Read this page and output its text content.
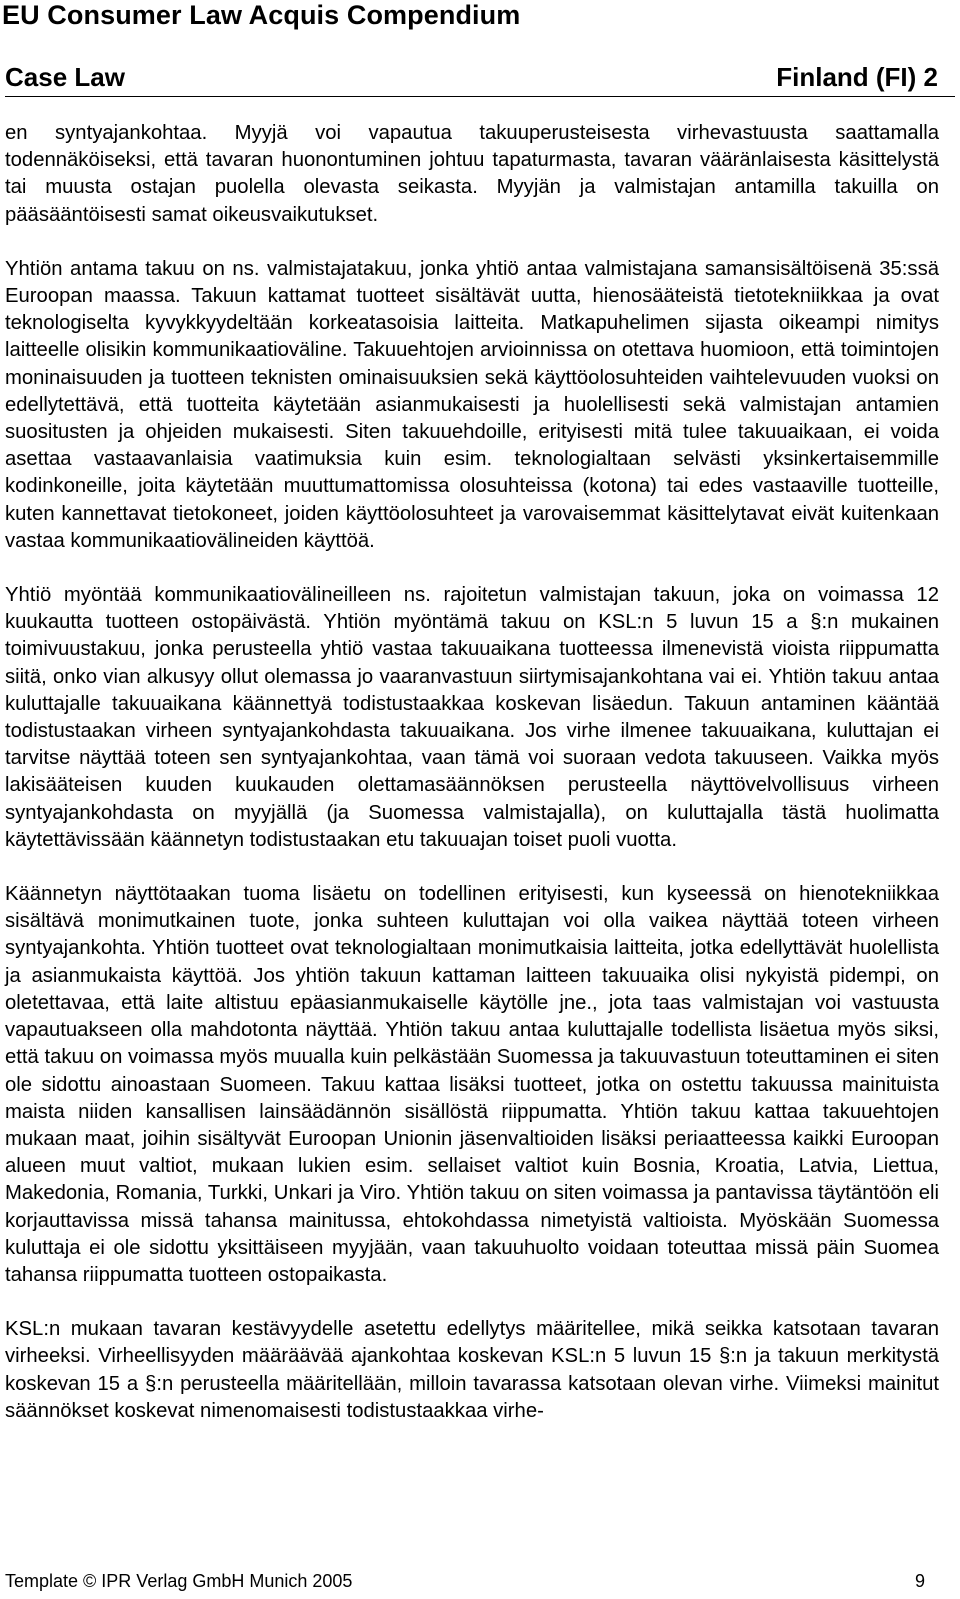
EU Consumer Law Acquis Compendium
Case Law	Finland (FI) 2

en syntyajankohtaa. Myyjä voi vapautua takuuperusteisesta virhevastuusta saattamalla todennäköiseksi, että tavaran huonontuminen johtuu tapaturmasta, tavaran vääränlaisesta käsittelystä tai muusta ostajan puolella olevasta seikasta. Myyjän ja valmistajan antamilla takuilla on pääsääntöisesti samat oikeusvaikutukset.

Yhtiön antama takuu on ns. valmistajatakuu, jonka yhtiö antaa valmistajana samansisältöisenä 35:ssä Euroopan maassa. Takuun kattamat tuotteet sisältävät uutta, hienosääteistä tietotekniikkaa ja ovat teknologiselta kyvykkyydeltään korkeatasoisia laitteita. Matkapuhelimen sijasta oikeampi nimitys laitteelle olisikin kommunikaatioväline. Takuuehtojen arvioinnissa on otettava huomioon, että toimintojen moninaisuuden ja tuotteen teknisten ominaisuuksien sekä käyttöolosuhteiden vaihtelevuuden vuoksi on edellytettävä, että tuotteita käytetään asianmukaisesti ja huolellisesti sekä valmistajan antamien suositusten ja ohjeiden mukaisesti. Siten takuuehdoille, erityisesti mitä tulee takuuaikaan, ei voida asettaa vastaavanlaisia vaatimuksia kuin esim. teknologialtaan selvästi yksinkertaisemmille kodinkoneille, joita käytetään muuttumattomissa olosuhteissa (kotona) tai edes vastaaville tuotteille, kuten kannettavat tietokoneet, joiden käyttöolosuhteet ja varovaisemmat käsittelytavat eivät kuitenkaan vastaa kommunikaatiovälineiden käyttöä.

Yhtiö myöntää kommunikaatiovälineilleen ns. rajoitetun valmistajan takuun, joka on voimassa 12 kuukautta tuotteen ostopäivästä. Yhtiön myöntämä takuu on KSL:n 5 luvun 15 a §:n mukainen toimivuustakuu, jonka perusteella yhtiö vastaa takuuaikana tuotteessa ilmenevistä vioista riippumatta siitä, onko vian alkusyy ollut olemassa jo vaaranvastuun siirtymisajankohtana vai ei. Yhtiön takuu antaa kuluttajalle takuuaikana käännettyä todistustaakkaa koskevan lisäedun. Takuun antaminen kääntää todistustaakan virheen syntyajankohdasta takuuaikana. Jos virhe ilmenee takuuaikana, kuluttajan ei tarvitse näyttää toteen sen syntyajankohtaa, vaan tämä voi suoraan vedota takuuseen. Vaikka myös lakisääteisen kuuden kuukauden olettamasäännöksen perusteella näyttövelvollisuus virheen syntyajankohdasta on myyjällä (ja Suomessa valmistajalla), on kuluttajalla tästä huolimatta käytettävissään käännetyn todistustaakan etu takuuajan toiset puoli vuotta.

Käännetyn näyttötaakan tuoma lisäetu on todellinen erityisesti, kun kyseessä on hienotekniikkaa sisältävä monimutkainen tuote, jonka suhteen kuluttajan voi olla vaikea näyttää toteen virheen syntyajankohta. Yhtiön tuotteet ovat teknologialtaan monimutkaisia laitteita, jotka edellyttävät huolellista ja asianmukaista käyttöä. Jos yhtiön takuun kattaman laitteen takuuaika olisi nykyistä pidempi, on oletettavaa, että laite altistuu epäasianmukaiselle käytölle jne., jota taas valmistajan voi vastuusta vapautuakseen olla mahdotonta näyttää. Yhtiön takuu antaa kuluttajalle todellista lisäetua myös siksi, että takuu on voimassa myös muualla kuin pelkästään Suomessa ja takuuvastuun toteuttaminen ei siten ole sidottu ainoastaan Suomeen. Takuu kattaa lisäksi tuotteet, jotka on ostettu takuussa mainituista maista niiden kansallisen lainsäädännön sisällöstä riippumatta. Yhtiön takuu kattaa takuuehtojen mukaan maat, joihin sisältyvät Euroopan Unionin jäsenvaltioiden lisäksi periaatteessa kaikki Euroopan alueen muut valtiot, mukaan lukien esim. sellaiset valtiot kuin Bosnia, Kroatia, Latvia, Liettua, Makedonia, Romania, Turkki, Unkari ja Viro. Yhtiön takuu on siten voimassa ja pantavissa täytäntöön eli korjauttavissa missä tahansa mainitussa, ehtokohdassa nimetyistä valtioista. Myöskään Suomessa kuluttaja ei ole sidottu yksittäiseen myyjään, vaan takuuhuolto voidaan toteuttaa missä päin Suomea tahansa riippumatta tuotteen ostopaikasta.

KSL:n mukaan tavaran kestävyydelle asetettu edellytys määritellee, mikä seikka katsotaan tavaran virheeksi. Virheellisyyden määräävää ajankohtaa koskevan KSL:n 5 luvun 15 §:n ja takuun merkitystä koskevan 15 a §:n perusteella määritellään, milloin tavarassa katsotaan olevan virhe. Viimeksi mainitut säännökset koskevat nimenomaisesti todistustaakkaa virhe-

Template © IPR Verlag GmbH Munich 2005	9
